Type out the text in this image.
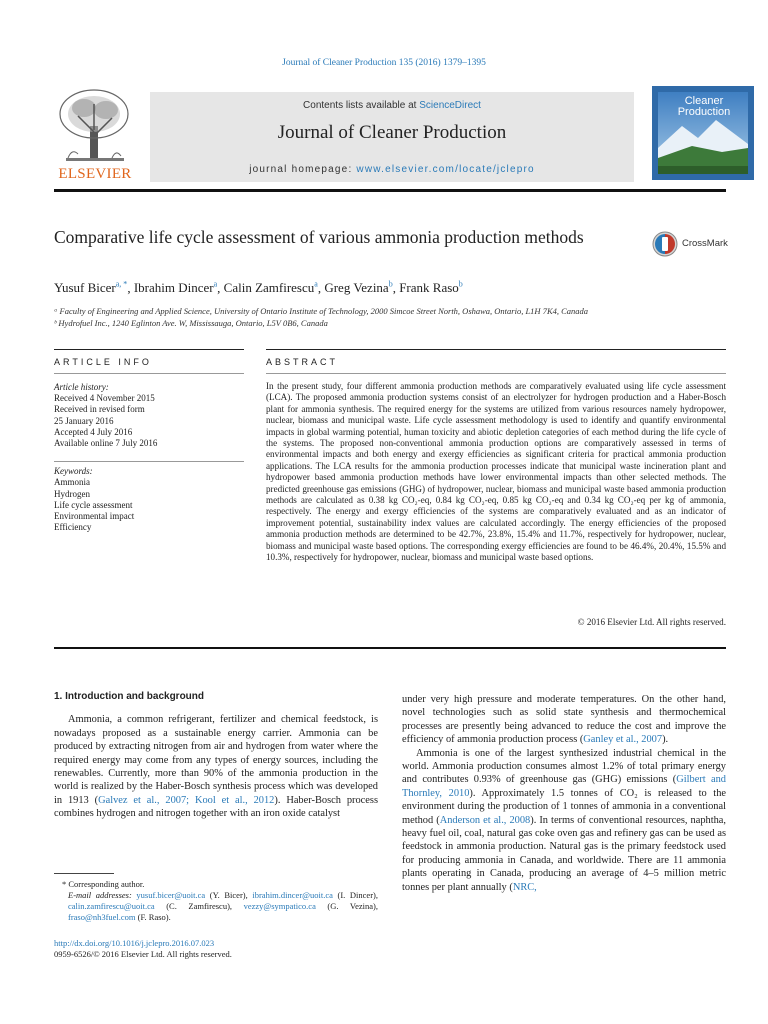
Journal of Cleaner Production 135 (2016) 1379–1395
ELSEVIER
Contents lists available at ScienceDirect
Journal of Cleaner Production
journal homepage: www.elsevier.com/locate/jclepro
Cleaner
Production
Comparative life cycle assessment of various ammonia production methods	CrossMark
Yusuf Bicer$^{a, *}$, Ibrahim Dincer$^a$, Calin Zamfirescu$^a$, Greg Vezina$^b$, Frank Raso$^b$
ᵃ Faculty of Engineering and Applied Science, University of Ontario Institute of Technology, 2000 Simcoe Street North, Oshawa, Ontario, L1H 7K4, Canada
ᵇ Hydrofuel Inc., 1240 Eglinton Ave. W, Mississauga, Ontario, L5V 0B6, Canada
ARTICLE INFO	ABSTRACT
Article history:
Received 4 November 2015
Received in revised form
25 January 2016
Accepted 4 July 2016
Available online 7 July 2016
Keywords:
Ammonia
Hydrogen
Life cycle assessment
Environmental impact
Efficiency
In the present study, four different ammonia production methods are comparatively evaluated using life cycle assessment (LCA). The proposed ammonia production systems consist of an electrolyzer for hydrogen production and a Haber-Bosch plant for ammonia synthesis. The required energy for the systems are utilized from various resources namely hydropower, nuclear, biomass and municipal waste. Life cycle assessment methodology is used to identify and quantify environmental impacts in global warming potential, human toxicity and abiotic depletion categories of each method during the life cycle of the systems. The proposed non-conventional ammonia production options are comparatively assessed in terms of environmental impacts and both energy and exergy efficiencies as significant criteria for practical ammonia production applications. The LCA results for the ammonia production processes indicate that municipal waste incineration plant and hydropower based ammonia production methods have lower environmental impacts than other selected methods. The predicted greenhouse gas emissions (GHG) of hydropower, nuclear, biomass and municipal waste based ammonia production methods are calculated as 0.38 kg CO₂-eq, 0.84 kg CO₂-eq, 0.85 kg CO₂-eq and 0.34 kg CO₂-eq per kg of ammonia, respectively. The energy and exergy efficiencies of the systems are comparatively evaluated and as an indicator of improvement potential, sustainability index values are calculated accordingly. The energy efficiencies of the proposed ammonia production methods are determined to be 42.7%, 23.8%, 15.4% and 11.7%, respectively for hydropower, nuclear, biomass and municipal waste based options. The corresponding exergy efficiencies are found to be 46.4%, 20.4%, 15.5% and 10.3%, respectively for hydropower, nuclear, biomass and municipal waste based options.
© 2016 Elsevier Ltd. All rights reserved.
1. Introduction and background

Ammonia, a common refrigerant, fertilizer and chemical feedstock, is nowadays proposed as a sustainable energy carrier. Ammonia can be produced by extracting nitrogen from air and hydrogen from water where the required energy may come from any types of energy sources, including the renewables. Currently, more than 90% of the ammonia production in the world is realized by the Haber-Bosch synthesis process which was developed in 1913 (Galvez et al., 2007; Kool et al., 2012). Haber-Bosch process combines hydrogen and nitrogen together with an iron oxide catalyst

under very high pressure and moderate temperatures. On the other hand, novel technologies such as solid state synthesis and thermochemical processes are presently being advanced to reduce the cost and improve the efficiency of ammonia production process (Ganley et al., 2007).

Ammonia is one of the largest synthesized industrial chemical in the world. Ammonia production consumes almost 1.2% of total primary energy and contributes 0.93% of greenhouse gas (GHG) emissions (Gilbert and Thornley, 2010). Approximately 1.5 tonnes of CO₂ is released to the environment during the production of 1 tonnes of ammonia in a conventional method (Anderson et al., 2008). In terms of conventional resources, naphtha, heavy fuel oil, coal, natural gas coke oven gas and refinery gas can be used as feedstock in ammonia production. Natural gas is the primary feedstock used for producing ammonia in Canada, and worldwide. There are 11 ammonia plants operating in Canada, producing an average of 4–5 million metric tonnes per plant annually (NRC,

* Corresponding author.
E-mail addresses: yusuf.bicer@uoit.ca (Y. Bicer), ibrahim.dincer@uoit.ca (I. Dincer), calin.zamfirescu@uoit.ca (C. Zamfirescu), vezzy@sympatico.ca (G. Vezina), fraso@nh3fuel.com (F. Raso).
http://dx.doi.org/10.1016/j.jclepro.2016.07.023
0959-6526/© 2016 Elsevier Ltd. All rights reserved.
